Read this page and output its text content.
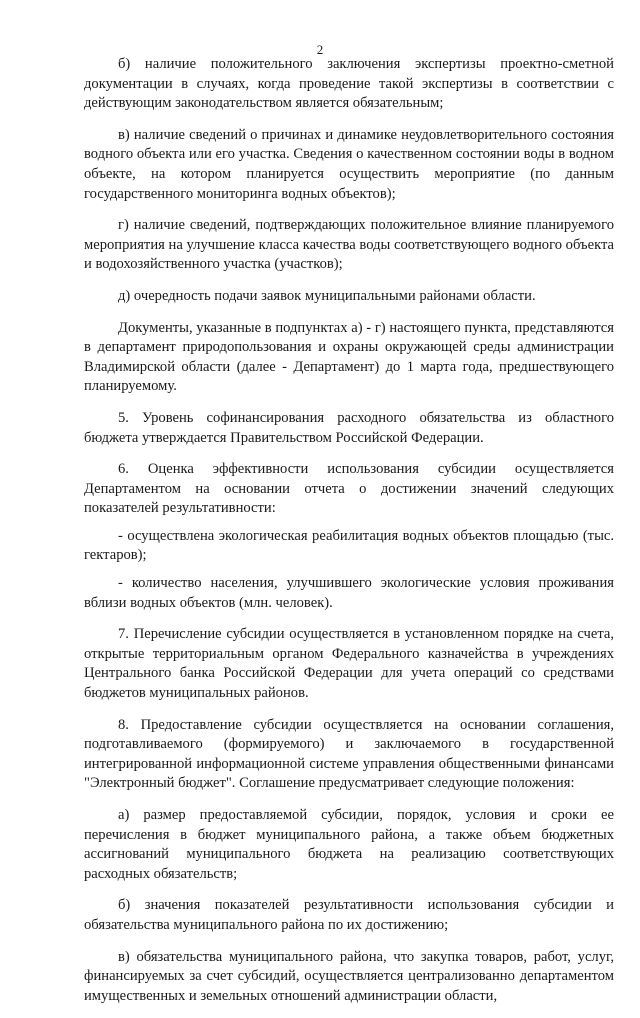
2

б) наличие положительного заключения экспертизы проектно-сметной документации в случаях, когда проведение такой экспертизы в соответствии с действующим законодательством является обязательным;

в) наличие сведений о причинах и динамике неудовлетворительного состояния водного объекта или его участка. Сведения о качественном состоянии воды в водном объекте, на котором планируется осуществить мероприятие (по данным государственного мониторинга водных объектов);

г) наличие сведений, подтверждающих положительное влияние планируемого мероприятия на улучшение класса качества воды соответствующего водного объекта и водохозяйственного участка (участков);

д) очередность подачи заявок муниципальными районами области.

Документы, указанные в подпунктах а) - г) настоящего пункта, представляются в департамент природопользования и охраны окружающей среды администрации Владимирской области (далее - Департамент) до 1 марта года, предшествующего планируемому.

5. Уровень софинансирования расходного обязательства из областного бюджета утверждается Правительством Российской Федерации.

6. Оценка эффективности использования субсидии осуществляется Департаментом на основании отчета о достижении значений следующих показателей результативности:

- осуществлена экологическая реабилитация водных объектов площадью (тыс. гектаров);

- количество населения, улучшившего экологические условия проживания вблизи водных объектов (млн. человек).

7. Перечисление субсидии осуществляется в установленном порядке на счета, открытые территориальным органом Федерального казначейства в учреждениях Центрального банка Российской Федерации для учета операций со средствами бюджетов муниципальных районов.

8. Предоставление субсидии осуществляется на основании соглашения, подготавливаемого (формируемого) и заключаемого в государственной интегрированной информационной системе управления общественными финансами "Электронный бюджет". Соглашение предусматривает следующие положения:

а) размер предоставляемой субсидии, порядок, условия и сроки ее перечисления в бюджет муниципального района, а также объем бюджетных ассигнований муниципального бюджета на реализацию соответствующих расходных обязательств;

б) значения показателей результативности использования субсидии и обязательства муниципального района по их достижению;

в) обязательства муниципального района, что закупка товаров, работ, услуг, финансируемых за счет субсидий, осуществляется централизованно департаментом имущественных и земельных отношений администрации области,
